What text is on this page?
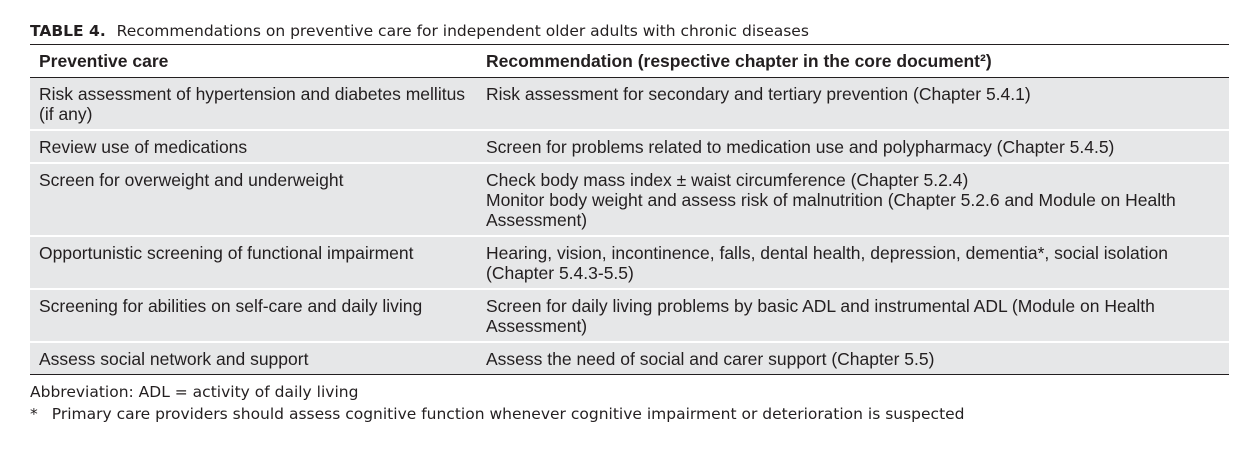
TABLE 4. Recommendations on preventive care for independent older adults with chronic diseases
Preventive care	Recommendation (respective chapter in the core document²)
Risk assessment of hypertension and diabetes mellitus (if any)	Risk assessment for secondary and tertiary prevention (Chapter 5.4.1)

Review use of medications	Screen for problems related to medication use and polypharmacy (Chapter 5.4.5)

Screen for overweight and underweight	Check body mass index ± waist circumference (Chapter 5.2.4)
Monitor body weight and assess risk of malnutrition (Chapter 5.2.6 and Module on Health Assessment)

Opportunistic screening of functional impairment	Hearing, vision, incontinence, falls, dental health, depression, dementia*, social isolation (Chapter 5.4.3-5.5)

Screening for abilities on self-care and daily living	Screen for daily living problems by basic ADL and instrumental ADL (Module on Health Assessment)

Assess social network and support	Assess the need of social and carer support (Chapter 5.5)
Abbreviation: ADL = activity of daily living
* Primary care providers should assess cognitive function whenever cognitive impairment or deterioration is suspected
